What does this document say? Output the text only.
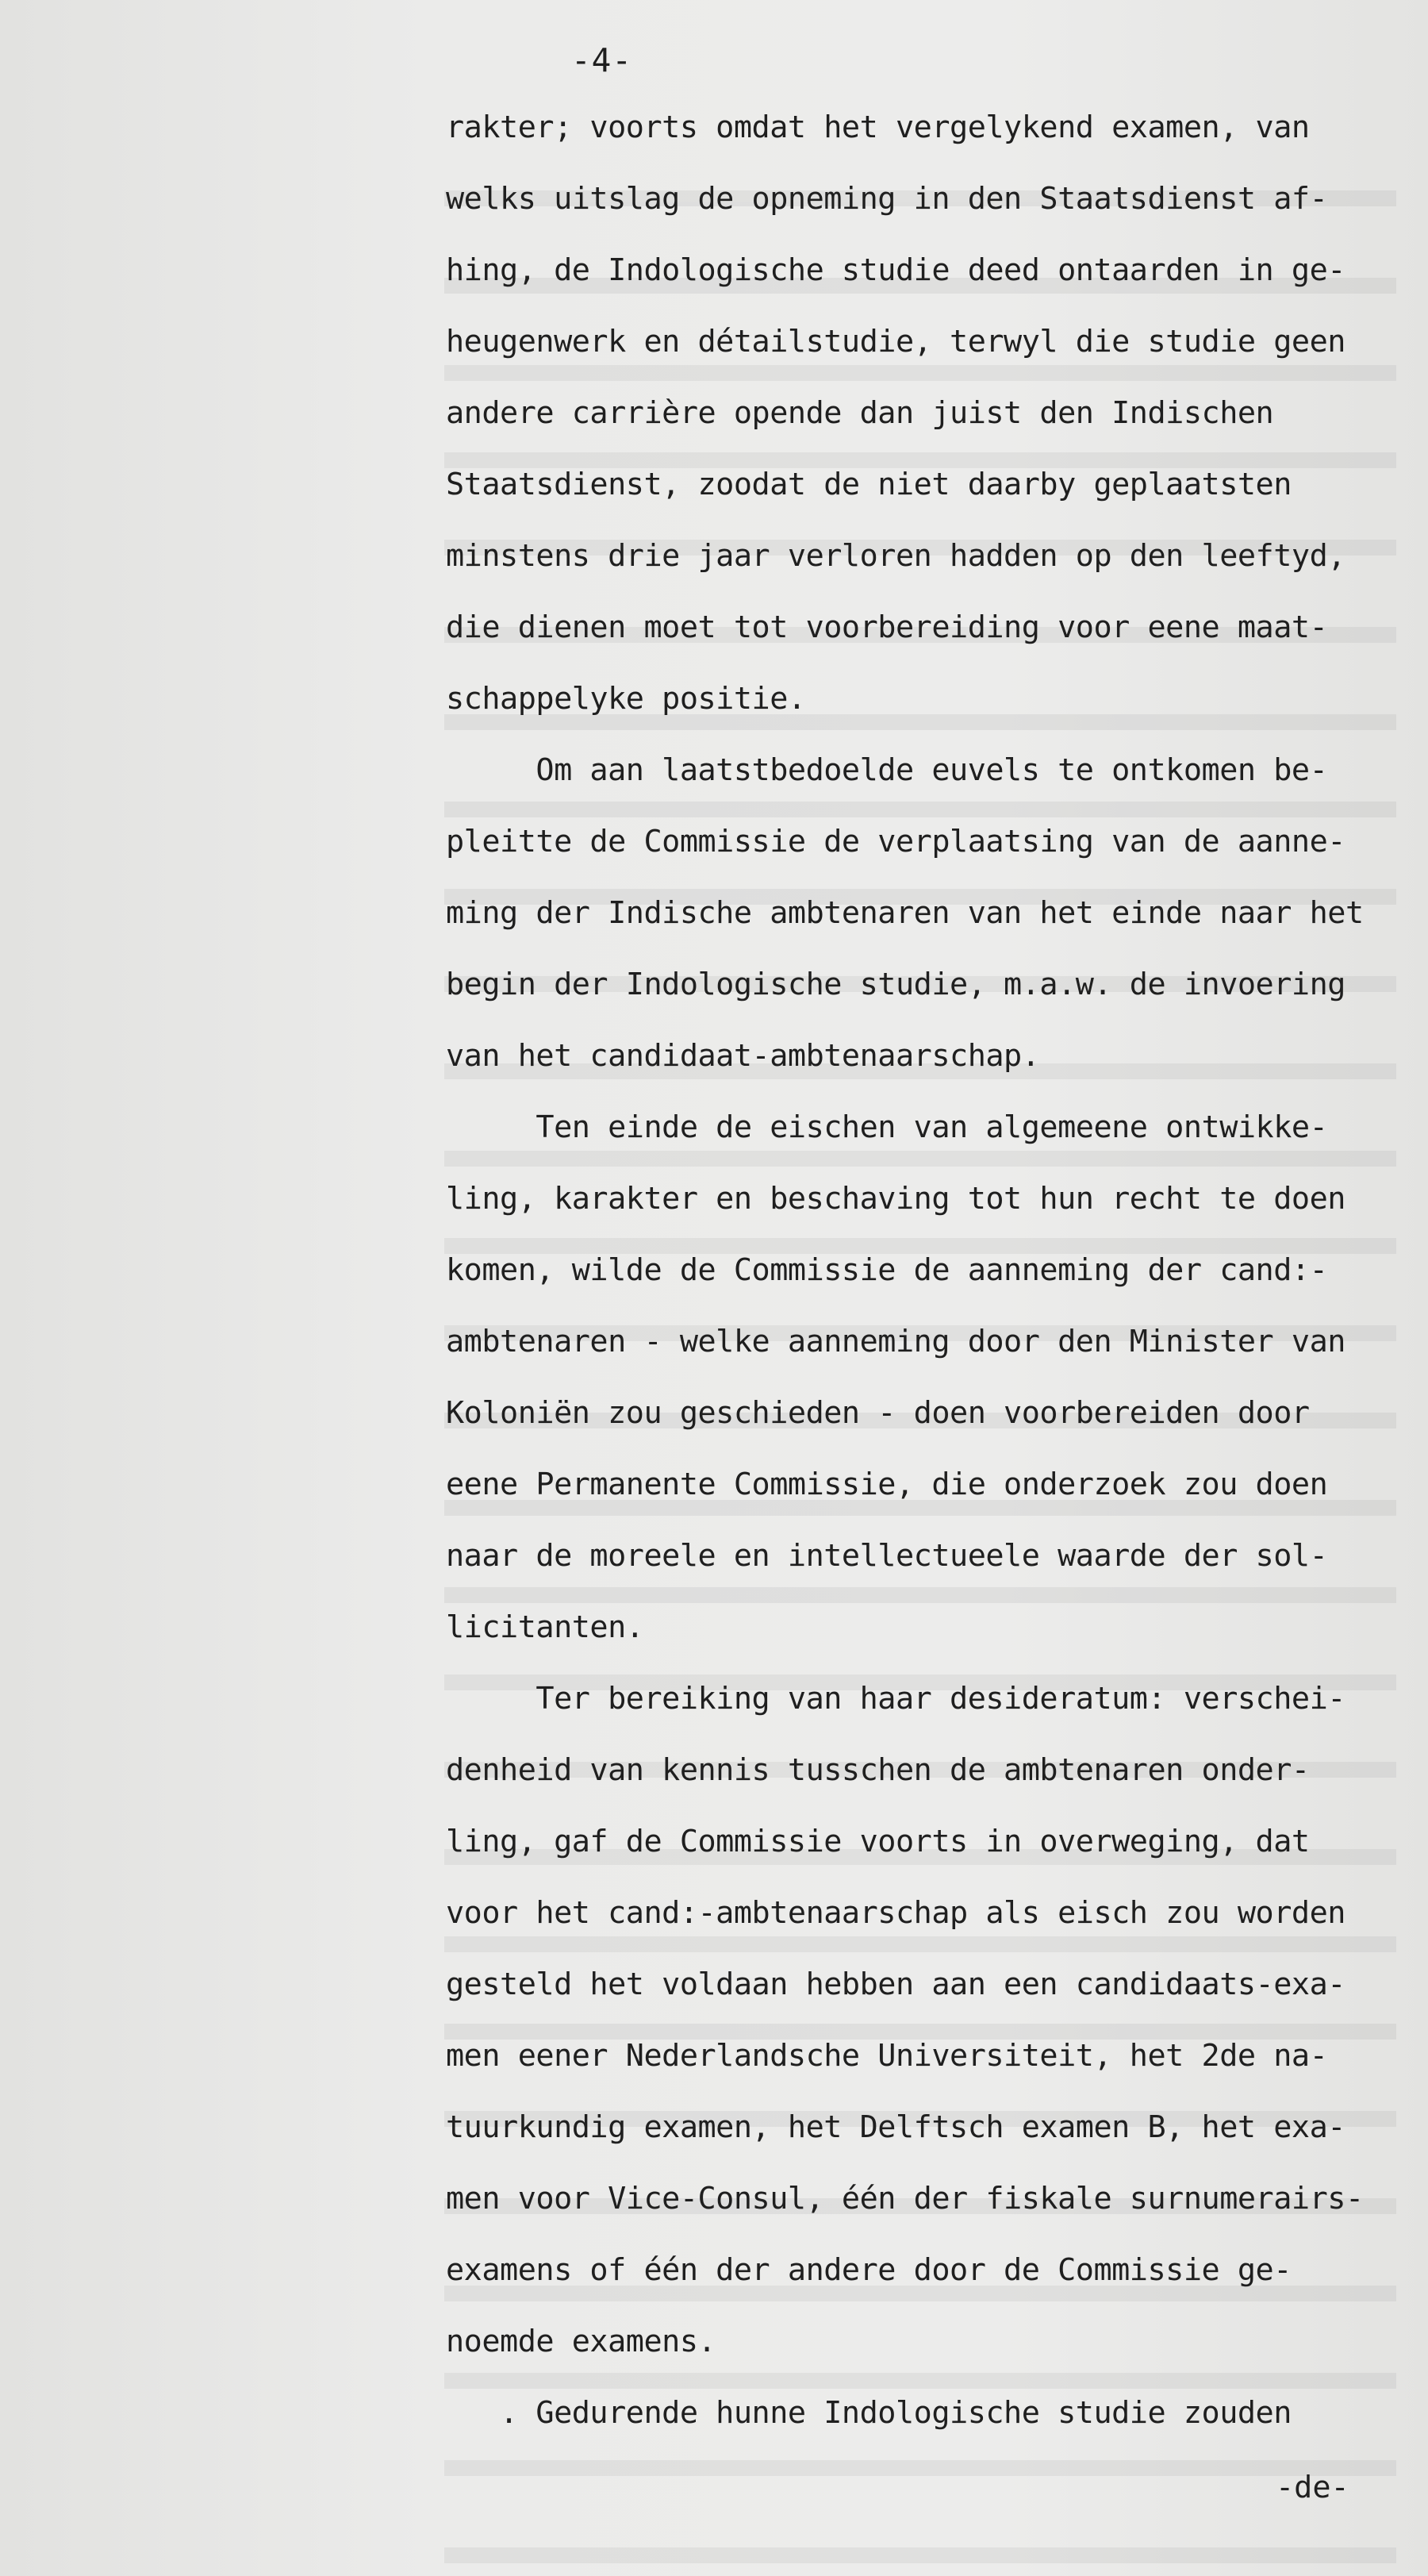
-4-
rakter; voorts omdat het vergelykend examen, van
welks uitslag de opneming in den Staatsdienst af-
hing, de Indologische studie deed ontaarden in ge-
heugenwerk en détailstudie, terwyl die studie geen
andere carrière opende dan juist den Indischen
Staatsdienst, zoodat de niet daarby geplaatsten
minstens drie jaar verloren hadden op den leeftyd,
die dienen moet tot voorbereiding voor eene maat-
schappelyke positie.
Om aan laatstbedoelde euvels te ontkomen be-
pleitte de Commissie de verplaatsing van de aanne-
ming der Indische ambtenaren van het einde naar het
begin der Indologische studie, m.a.w. de invoering
van het candidaat-ambtenaarschap.
Ten einde de eischen van algemeene ontwikke-
ling, karakter en beschaving tot hun recht te doen
komen, wilde de Commissie de aanneming der cand:-
ambtenaren - welke aanneming door den Minister van
Koloniën zou geschieden - doen voorbereiden door
eene Permanente Commissie, die onderzoek zou doen
naar de moreele en intellectueele waarde der sol-
licitanten.
Ter bereiking van haar desideratum: verschei-
denheid van kennis tusschen de ambtenaren onder-
ling, gaf de Commissie voorts in overweging, dat
voor het cand:-ambtenaarschap als eisch zou worden
gesteld het voldaan hebben aan een candidaats-exa-
men eener Nederlandsche Universiteit, het 2de na-
tuurkundig examen, het Delftsch examen B, het exa-
men voor Vice-Consul, één der fiskale surnumerairs-
examens of één der andere door de Commissie ge-
noemde examens.
. Gedurende hunne Indologische studie zouden
-de-
